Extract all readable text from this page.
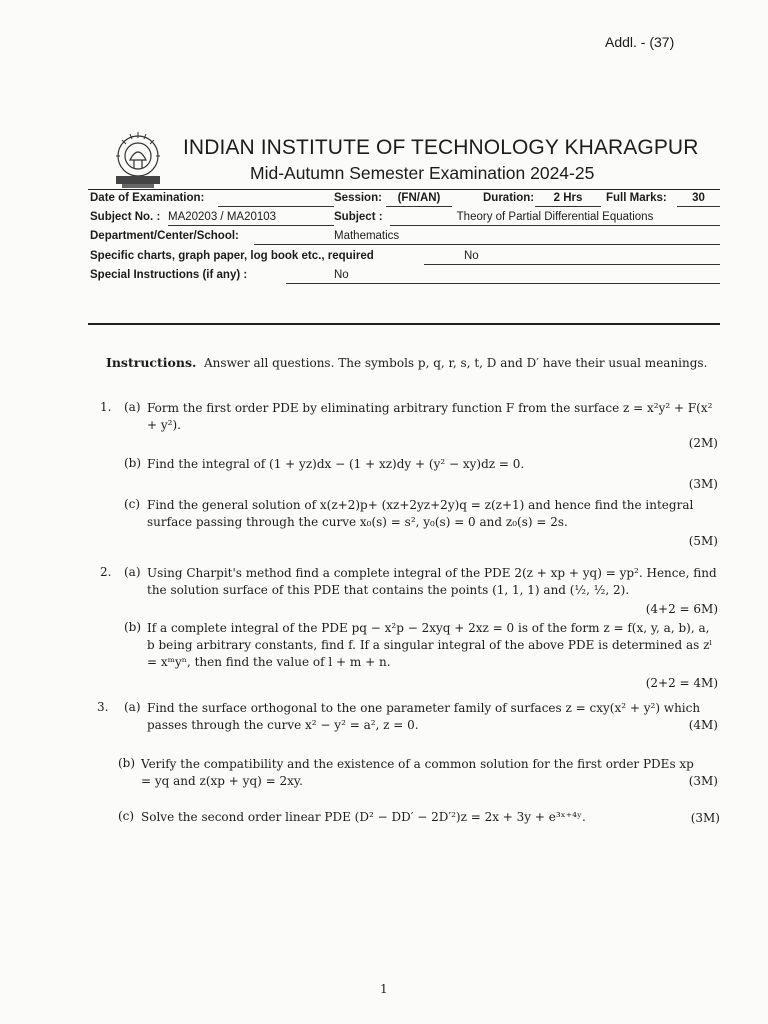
Addl. - (37)
INDIAN INSTITUTE OF TECHNOLOGY KHARAGPUR
Mid-Autumn Semester Examination 2024-25
Date of Examination:	Session:	(FN/AN)	Duration:	2 Hrs	Full Marks:	30
Subject No. : MA20203 / MA20103	Subject :	Theory of Partial Differential Equations
Department/Center/School:	Mathematics
Specific charts, graph paper, log book etc., required	No
Special Instructions (if any) :	No
Instructions. Answer all questions. The symbols p, q, r, s, t, D and D′ have their usual meanings.
1. (a) Form the first order PDE by eliminating arbitrary function F from the surface z = x²y² + F(x² + y²).
(2M)
(b) Find the integral of (1 + yz)dx − (1 + xz)dy + (y² − xy)dz = 0.
(3M)
(c) Find the general solution of x(z+2)p+ (xz+2yz+2y)q = z(z+1) and hence find the integral surface passing through the curve x₀(s) = s², y₀(s) = 0 and z₀(s) = 2s.
(5M)
2. (a) Using Charpit's method find a complete integral of the PDE 2(z + xp + yq) = yp². Hence, find the solution surface of this PDE that contains the points (1, 1, 1) and (½, ½, 2).
(4+2 = 6M)
(b) If a complete integral of the PDE pq − x²p − 2xyq + 2xz = 0 is of the form z = f(x, y, a, b), a, b being arbitrary constants, find f. If a singular integral of the above PDE is determined as zˡ = xᵐyⁿ, then find the value of l + m + n.
(2+2 = 4M)
3. (a) Find the surface orthogonal to the one parameter family of surfaces z = cxy(x² + y²) which passes through the curve x² − y² = a², z = 0.	(4M)
(b) Verify the compatibility and the existence of a common solution for the first order PDEs xp = yq and z(xp + yq) = 2xy.	(3M)
(c) Solve the second order linear PDE (D² − DD′ − 2D′²)z = 2x + 3y + e³ˣ⁺⁴ʸ.	(3M)
1
